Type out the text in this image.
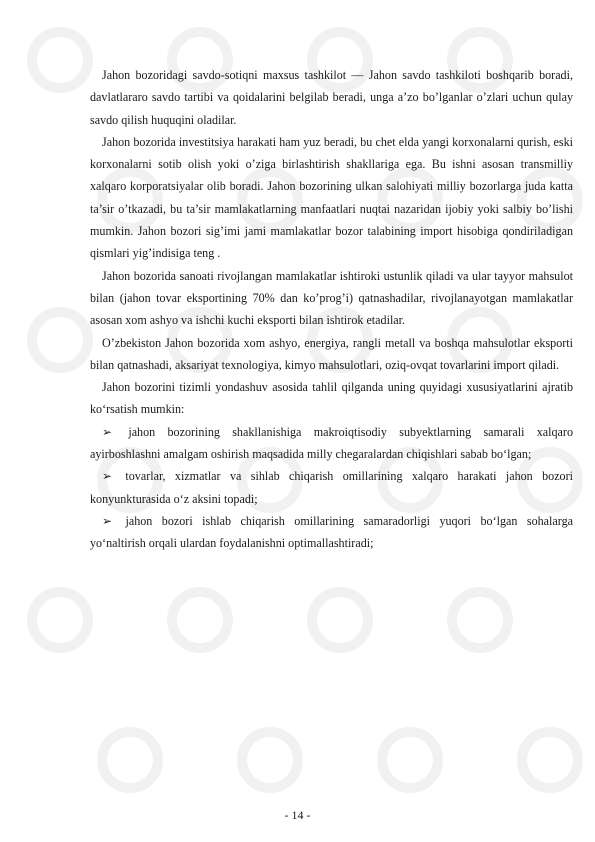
Jahon bozoridagi savdo-sotiqni maxsus tashkilot — Jahon savdo tashkiloti boshqarib boradi, davlatlararo savdo tartibi va qoidalarini belgilab beradi, unga a’zo bo’lganlar o’zlari uchun qulay savdo qilish huquqini oladilar.

Jahon bozorida investitsiya harakati ham yuz beradi, bu chet elda yangi korxonalarni qurish, eski korxonalarni sotib olish yoki o’ziga birlashtirish shakllariga ega. Bu ishni asosan transmilliy xalqaro korporatsiyalar olib boradi. Jahon bozorining ulkan salohiyati milliy bozorlarga juda katta ta’sir o’tkazadi, bu ta’sir mamlakatlarning manfaatlari nuqtai nazaridan ijobiy yoki salbiy bo’lishi mumkin. Jahon bozori sig’imi jami mamlakatlar bozor talabining import hisobiga qondiriladigan qismlari yig’indisiga teng .

Jahon bozorida sanoati rivojlangan mamlakatlar ishtiroki ustunlik qiladi va ular tayyor mahsulot bilan (jahon tovar eksportining 70% dan ko’prog’i) qatnashadilar, rivojlanayotgan mamlakatlar asosan xom ashyo va ishchi kuchi eksporti bilan ishtirok etadilar.

O’zbekiston Jahon bozorida xom ashyo, energiya, rangli metall va boshqa mahsulotlar eksporti bilan qatnashadi, aksariyat texnologiya, kimyo mahsulotlari, oziq-ovqat tovarlarini import qiladi.

Jahon bozorini tizimli yondashuv asosida tahlil qilganda uning quyidagi xususiyatlarini ajratib ko‘rsatish mumkin:

➢ jahon bozorining shakllanishiga makroiqtisodiy subyektlarning samarali xalqaro ayirboshlashni amalgam oshirish maqsadida milly chegaralardan chiqishlari sabab bo‘lgan;

➢ tovarlar, xizmatlar va sihlab chiqarish omillarining xalqaro harakati jahon bozori konyunkturasida o‘z aksini topadi;

➢ jahon bozori ishlab chiqarish omillarining samaradorligi yuqori bo‘lgan sohalarga yo‘naltirish orqali ulardan foydalanishni optimallashtiradi;

- 14 -
